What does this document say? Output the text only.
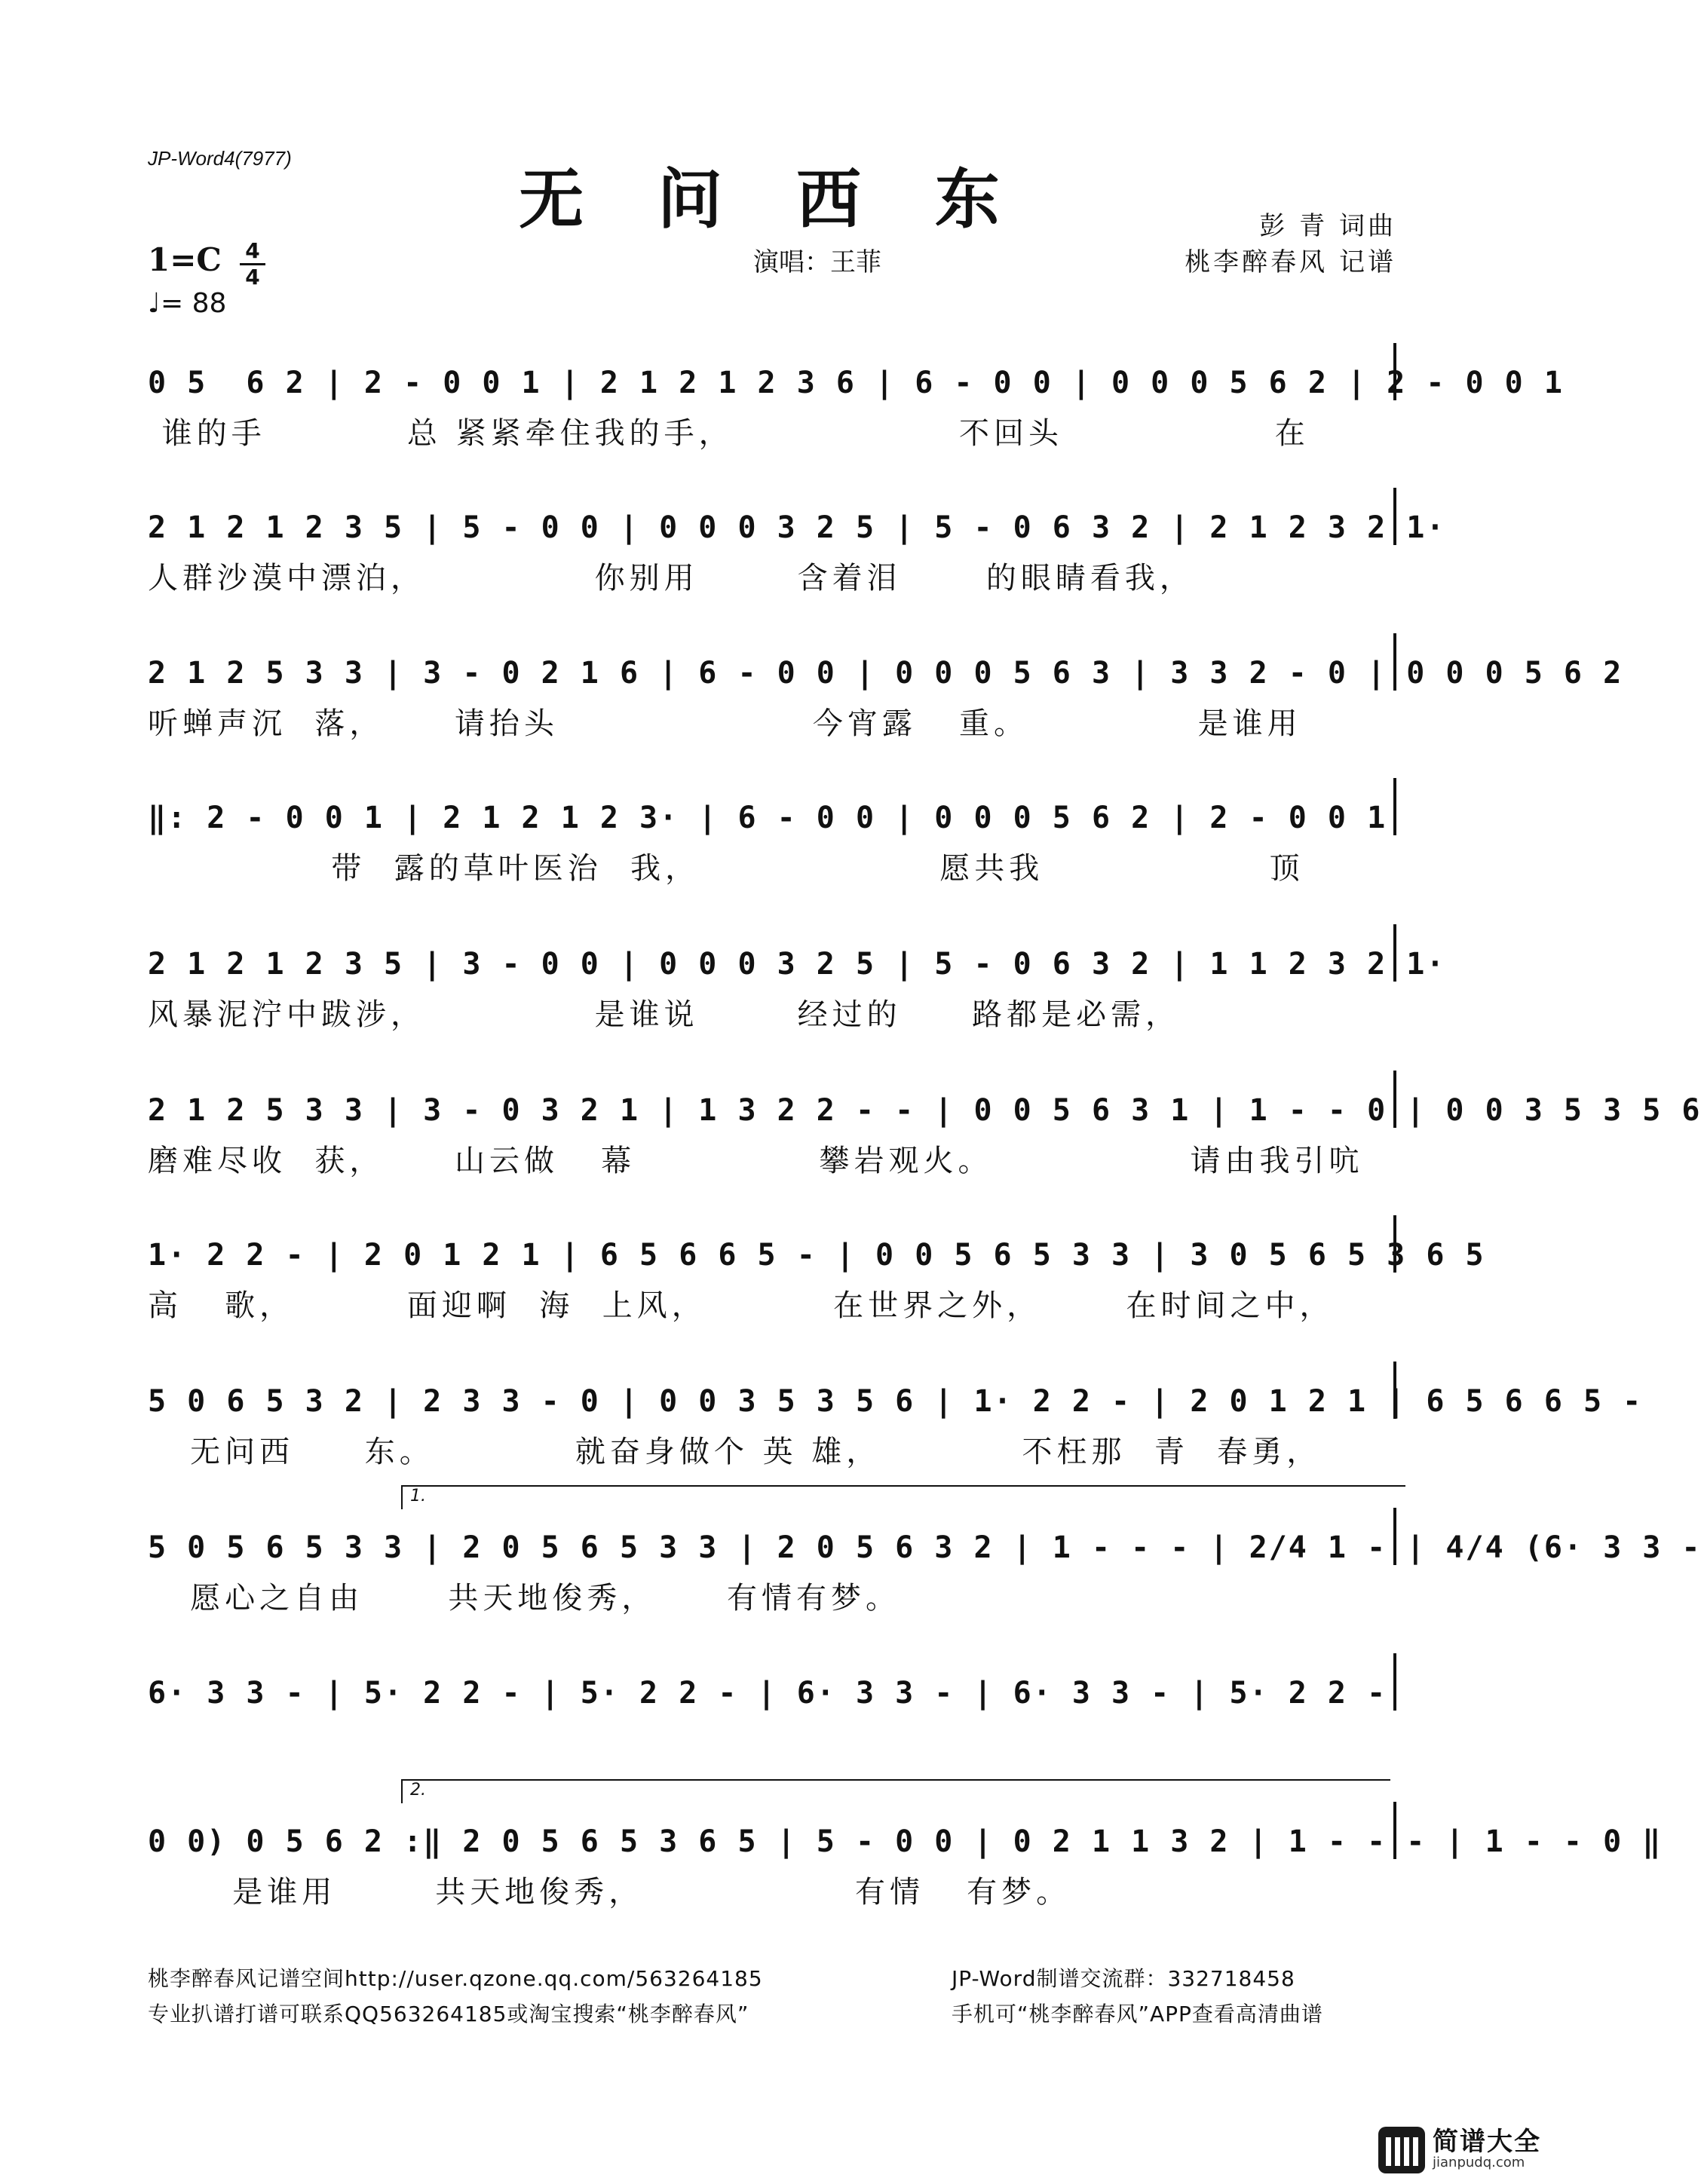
JP-Word4(7977)
无 问 西 东
1=C 4
4
♩= 88
演唱：王菲
彭 青 词曲
桃李醉春风 记谱
0 5  6 2 | 2 - 0 0 1 | 2 1 2 1 2 3 6 | 6 - 0 0 | 0 0 0 5 6 2 | 2 - 0 0 1
谁的手          总 紧紧牵住我的手，                不回头               在
2 1 2 1 2 3 5 | 5 - 0 0 | 0 0 0 3 2 5 | 5 - 0 6 3 2 | 2 1 2 3 2 1·
人群沙漠中漂泊，            你别用       含着泪      的眼睛看我，
2 1 2 5 3 3 | 3 - 0 2 1 6 | 6 - 0 0 | 0 0 0 5 6 3 | 3 3 2 - 0 | 0 0 0 5 6 2
听蝉声沉  落，     请抬头                  今宵露   重。            是谁用
‖: 2 - 0 0 1 | 2 1 2 1 2 3· | 6 - 0 0 | 0 0 0 5 6 2 | 2 - 0 0 1
带  露的草叶医治  我，                 愿共我                顶
2 1 2 1 2 3 5 | 3 - 0 0 | 0 0 0 3 2 5 | 5 - 0 6 3 2 | 1 1 2 3 2 1·
风暴泥泞中跋涉，            是谁说       经过的     路都是必需，
2 1 2 5 3 3 | 3 - 0 3 2 1 | 1 3 2 2 - - | 0 0 5 6 3 1 | 1 - - 0 | 0 0 3 5 3 5 6
磨难尽收  获，     山云做   幕             攀岩观火。              请由我引吭
1· 2 2 - | 2 0 1 2 1 | 6 5 6 6 5 - | 0 0 5 6 5 3 3 | 3 0 5 6 5 3 6 5
高   歌，        面迎啊  海  上风，         在世界之外，      在时间之中，
5 0 6 5 3 2 | 2 3 3 - 0 | 0 0 3 5 3 5 6 | 1· 2 2 - | 2 0 1 2 1 | 6 5 6 6 5 -
无问西     东。          就奋身做个 英 雄，          不枉那  青  春勇，
1.
5 0 5 6 5 3 3 | 2 0 5 6 5 3 3 | 2 0 5 6 3 2 | 1 - - - | 2/4 1 - | 4/4 (6· 3 3 -
愿心之自由      共天地俊秀，     有情有梦。
6· 3 3 - | 5· 2 2 - | 5· 2 2 - | 6· 3 3 - | 6· 3 3 - | 5· 2 2 -
2.
0 0) 0 5 6 2 :‖ 2 0 5 6 5 3 6 5 | 5 - 0 0 | 0 2 1 1 3 2 | 1 - - - | 1 - - 0 ‖
是谁用       共天地俊秀，               有情   有梦。
桃李醉春风记谱空间http://user.qzone.qq.com/563264185
专业扒谱打谱可联系QQ563264185或淘宝搜索“桃李醉春风”
JP-Word制谱交流群：332718458
手机可“桃李醉春风”APP查看高清曲谱
简谱大全
jianpudq.com
